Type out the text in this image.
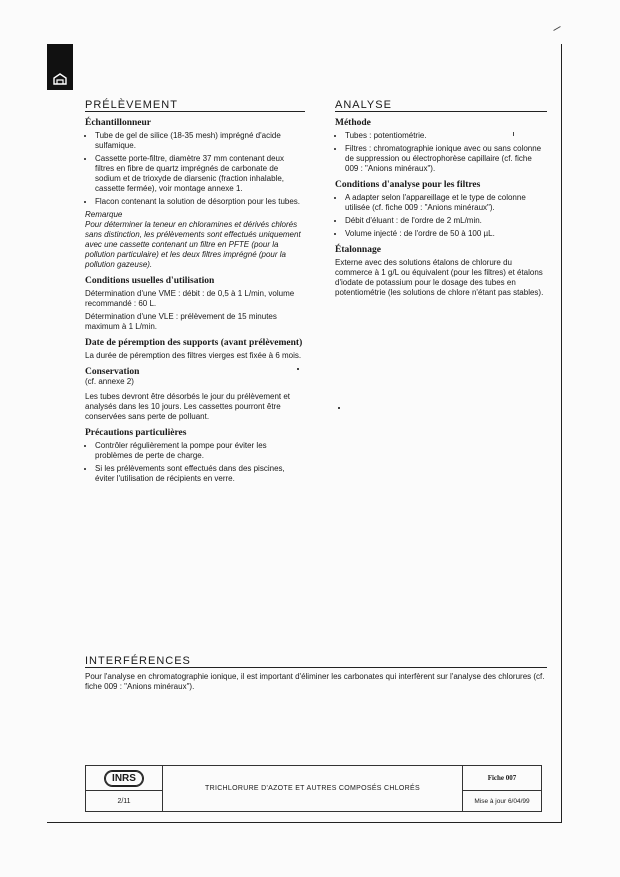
PRÉLÈVEMENT
Échantillonneur
• Tube de gel de silice (18-35 mesh) imprégné d'acide sulfamique.
• Cassette porte-filtre, diamètre 37 mm contenant deux filtres en fibre de quartz imprégnés de carbonate de sodium et de trioxyde de diarsenic (fraction inhalable, cassette fermée), voir montage annexe 1.
• Flacon contenant la solution de désorption pour les tubes.

Remarque

Pour déterminer la teneur en chloramines et dérivés chlorés sans distinction, les prélèvements sont effectués uniquement avec une cassette contenant un filtre en PFTE (pour la pollution particulaire) et les deux filtres imprégné (pour la pollution gazeuse).

Conditions usuelles d'utilisation

Détermination d'une VME : débit : de 0,5 à 1 L/min, volume recommandé : 60 L.

Détermination d'une VLE : prélèvement de 15 minutes maximum à 1 L/min.

Date de péremption des supports (avant prélèvement)

La durée de péremption des filtres vierges est fixée à 6 mois.

Conservation

(cf. annexe 2)

Les tubes devront être désorbés le jour du prélèvement et analysés dans les 10 jours. Les cassettes pourront être conservées sans perte de polluant.

Précautions particulières
• Contrôler régulièrement la pompe pour éviter les problèmes de perte de charge.
• Si les prélèvements sont effectués dans des piscines, éviter l'utilisation de récipients en verre.
ANALYSE
Méthode
• Tubes : potentiométrie.
• Filtres : chromatographie ionique avec ou sans colonne de suppression ou électrophorèse capillaire (cf. fiche 009 : "Anions minéraux").
Conditions d'analyse pour les filtres
• A adapter selon l'appareillage et le type de colonne utilisée (cf. fiche 009 : "Anions minéraux").
• Débit d'éluant : de l'ordre de 2 mL/min.
• Volume injecté : de l'ordre de 50 à 100 µL.
Étalonnage

Externe avec des solutions étalons de chlorure du commerce à 1 g/L ou équivalent (pour les filtres) et étalons d'iodate de potassium pour le dosage des tubes en potentiométrie (les solutions de chlore n'étant pas stables).

INTERFÉRENCES

Pour l'analyse en chromatographie ionique, il est important d'éliminer les carbonates qui interfèrent sur l'analyse des chlorures (cf. fiche 009 : "Anions minéraux").

INRS
TRICHLORURE D'AZOTE ET AUTRES COMPOSÉS CHLORÉS
Fiche 007
2/11	Mise à jour 6/04/99
